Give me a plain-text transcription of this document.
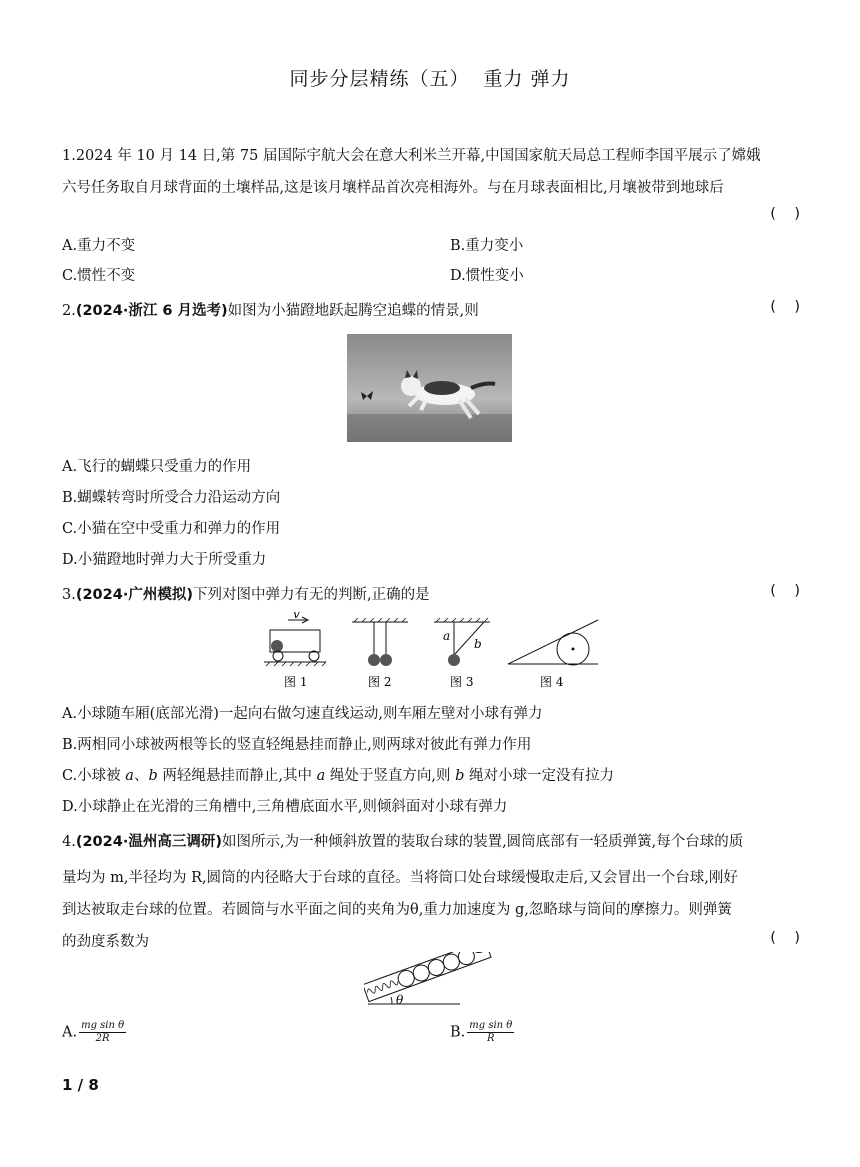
同步分层精练（五） 重力 弹力
1.2024 年 10 月 14 日,第 75 届国际宇航大会在意大利米兰开幕,中国国家航天局总工程师李国平展示了嫦娥
六号任务取自月球背面的土壤样品,这是该月壤样品首次亮相海外。与在月球表面相比,月壤被带到地球后
(    )
A.重力不变	B.重力变小
C.惯性不变	D.惯性变小
2.(2024·浙江 6 月选考)如图为小猫蹬地跃起腾空追蝶的情景,则	(    )
A.飞行的蝴蝶只受重力的作用
B.蝴蝶转弯时所受合力沿运动方向
C.小猫在空中受重力和弹力的作用
D.小猫蹬地时弹力大于所受重力
3.(2024·广州模拟)下列对图中弹力有无的判断,正确的是	(    )
v
图 1	图 2
a
b
图 3	图 4
A.小球随车厢(底部光滑)一起向右做匀速直线运动,则车厢左壁对小球有弹力
B.两相同小球被两根等长的竖直轻绳悬挂而静止,则两球对彼此有弹力作用
C.小球被 a、b 两轻绳悬挂而静止,其中 a 绳处于竖直方向,则 b 绳对小球一定没有拉力
D.小球静止在光滑的三角槽中,三角槽底面水平,则倾斜面对小球有弹力
4.(2024·温州高三调研)如图所示,为一种倾斜放置的装取台球的装置,圆筒底部有一轻质弹簧,每个台球的质
量均为 m,半径均为 R,圆筒的内径略大于台球的直径。当将筒口处台球缓慢取走后,又会冒出一个台球,刚好
到达被取走台球的位置。若圆筒与水平面之间的夹角为θ,重力加速度为 g,忽略球与筒间的摩擦力。则弹簧
的劲度系数为	(    )
θ
A. $\frac{\text{mg sin θ}}{2R}$	B. $\frac{\text{mg sin θ}}{R}$
1 / 8
